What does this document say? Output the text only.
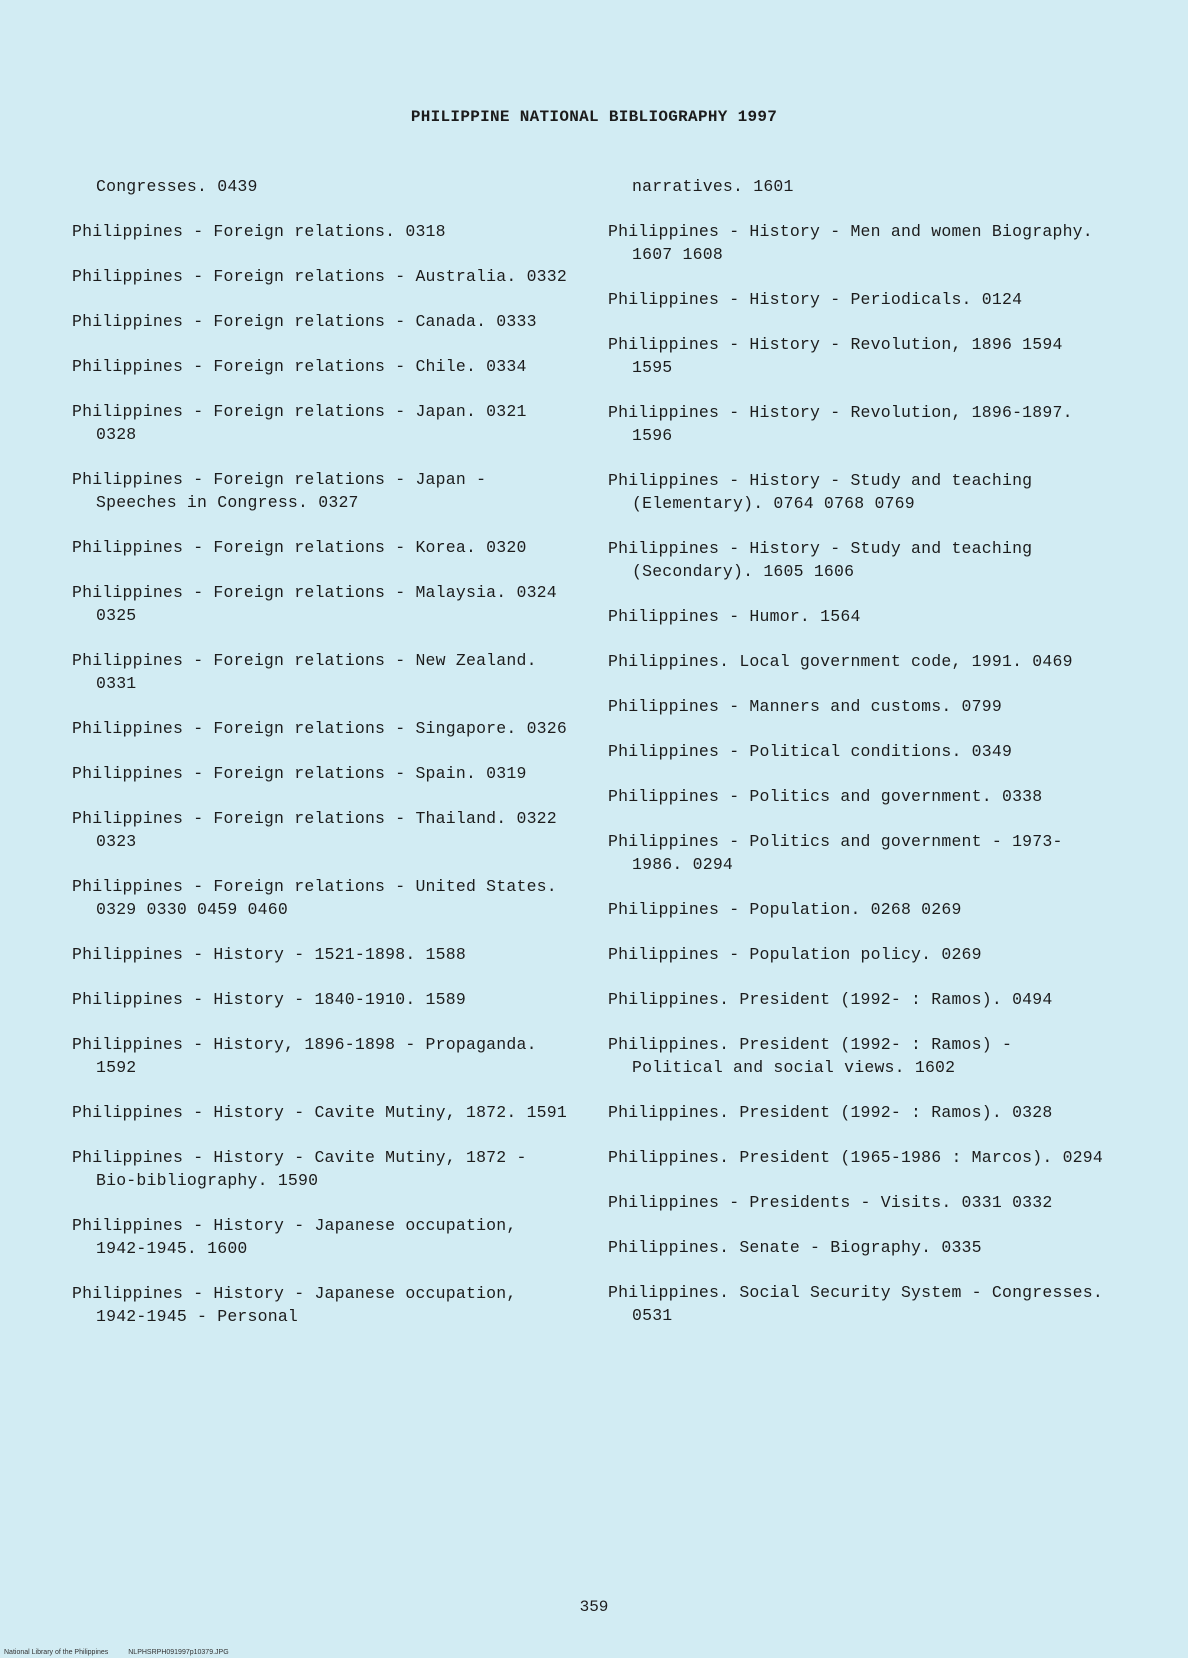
PHILIPPINE NATIONAL BIBLIOGRAPHY 1997

Congresses. 0439

Philippines - Foreign relations. 0318

Philippines - Foreign relations - Australia. 0332

Philippines - Foreign relations - Canada. 0333

Philippines - Foreign relations - Chile. 0334

Philippines - Foreign relations - Japan. 0321 0328

Philippines - Foreign relations - Japan - Speeches in Congress. 0327

Philippines - Foreign relations - Korea. 0320

Philippines - Foreign relations - Malaysia. 0324 0325

Philippines - Foreign relations - New Zealand. 0331

Philippines - Foreign relations - Singapore. 0326

Philippines - Foreign relations - Spain. 0319

Philippines - Foreign relations - Thailand. 0322 0323

Philippines - Foreign relations - United States. 0329 0330 0459 0460

Philippines - History - 1521-1898. 1588

Philippines - History - 1840-1910. 1589

Philippines - History, 1896-1898 - Propaganda. 1592

Philippines - History - Cavite Mutiny, 1872. 1591

Philippines - History - Cavite Mutiny, 1872 - Bio-bibliography. 1590

Philippines - History - Japanese occupation, 1942-1945. 1600

Philippines - History - Japanese occupation, 1942-1945 - Personal

narratives. 1601

Philippines - History - Men and women Biography. 1607 1608

Philippines - History - Periodicals. 0124

Philippines - History - Revolution, 1896 1594 1595

Philippines - History - Revolution, 1896-1897. 1596

Philippines - History - Study and teaching (Elementary). 0764 0768 0769

Philippines - History - Study and teaching (Secondary). 1605 1606

Philippines - Humor. 1564

Philippines. Local government code, 1991. 0469

Philippines - Manners and customs. 0799

Philippines - Political conditions. 0349

Philippines - Politics and government. 0338

Philippines - Politics and government - 1973-1986. 0294

Philippines - Population. 0268 0269

Philippines - Population policy. 0269

Philippines. President (1992- : Ramos). 0494

Philippines. President (1992- : Ramos) - Political and social views. 1602

Philippines. President (1992- : Ramos). 0328

Philippines. President (1965-1986 : Marcos). 0294

Philippines - Presidents - Visits. 0331 0332

Philippines. Senate - Biography. 0335

Philippines. Social Security System - Congresses. 0531

359
National Library of the Philippines	NLPHSRPH091997p10379.JPG
